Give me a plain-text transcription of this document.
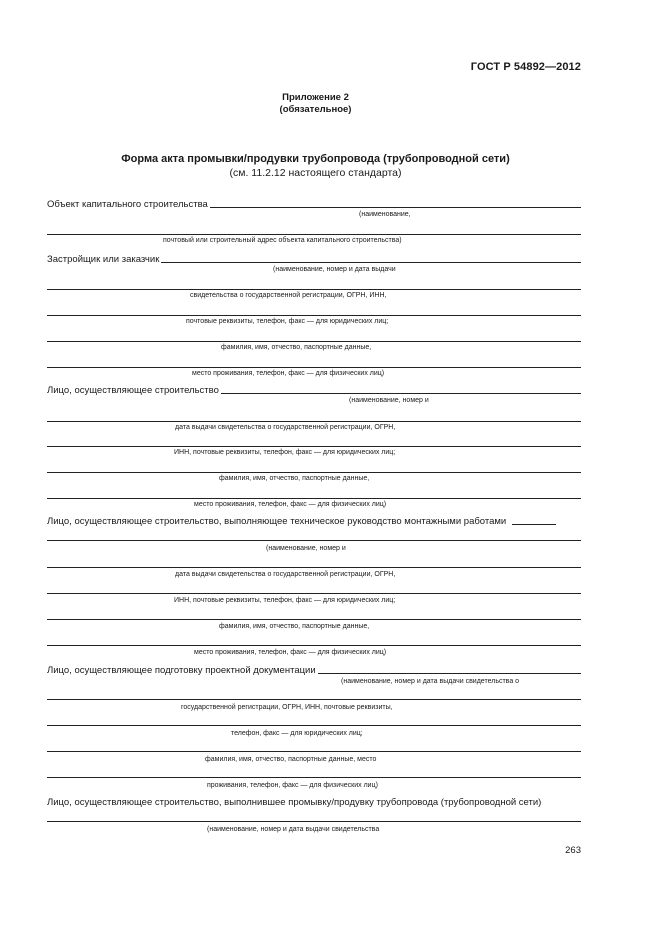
ГОСТ Р 54892—2012
Приложение 2
(обязательное)
Форма акта промывки/продувки трубопровода (трубопроводной сети)
(см. 11.2.12 настоящего стандарта)
Объект капитального строительства
(наименование,
почтовый или строительный адрес объекта капитального строительства)
Застройщик или заказчик
(наименование, номер и дата выдачи
свидетельства о государственной регистрации, ОГРН, ИНН,
почтовые реквизиты, телефон, факс — для юридических лиц;
фамилия, имя, отчество, паспортные данные,
место проживания, телефон, факс — для физических лиц)
Лицо, осуществляющее строительство
(наименование, номер и
дата выдачи свидетельства о государственной регистрации, ОГРН,
ИНН, почтовые реквизиты, телефон, факс — для юридических лиц;
фамилия, имя, отчество, паспортные данные,
место проживания, телефон, факс — для физических лиц)
Лицо, осуществляющее строительство, выполняющее техническое руководство монтажными работами
(наименование, номер и
дата выдачи свидетельства о государственной регистрации, ОГРН,
ИНН, почтовые реквизиты, телефон, факс — для юридических лиц;
фамилия, имя, отчество, паспортные данные,
место проживания, телефон, факс — для физических лиц)
Лицо, осуществляющее подготовку проектной документации
(наименование, номер и дата выдачи свидетельства о
государственной регистрации, ОГРН, ИНН, почтовые реквизиты,
телефон, факс — для юридических лиц;
фамилия, имя, отчество, паспортные данные, место
проживания, телефон, факс — для физических лиц)
Лицо, осуществляющее строительство, выполнившее промывку/продувку трубопровода (трубопроводной сети)
(наименование, номер и дата выдачи свидетельства
263
